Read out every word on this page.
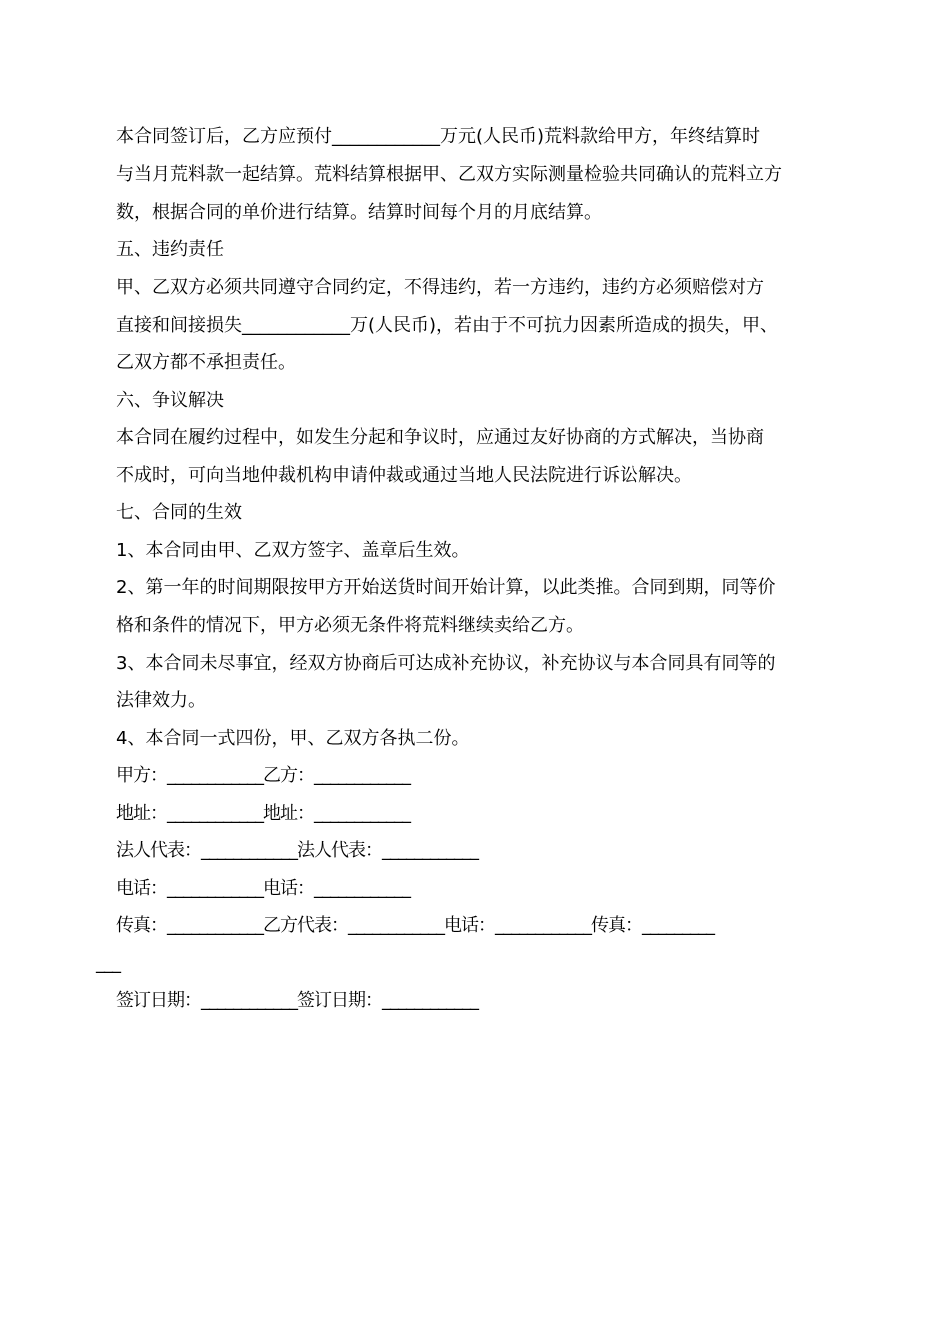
本合同签订后，乙方应预付____________万元(人民币)荒料款给甲方，年终结算时
与当月荒料款一起结算。荒料结算根据甲、乙双方实际测量检验共同确认的荒料立方
数，根据合同的单价进行结算。结算时间每个月的月底结算。
五、违约责任
甲、乙双方必须共同遵守合同约定，不得违约，若一方违约，违约方必须赔偿对方
直接和间接损失____________万(人民币)，若由于不可抗力因素所造成的损失，甲、
乙双方都不承担责任。
六、争议解决
本合同在履约过程中，如发生分起和争议时，应通过友好协商的方式解决，当协商
不成时，可向当地仲裁机构申请仲裁或通过当地人民法院进行诉讼解决。
七、合同的生效
1、本合同由甲、乙双方签字、盖章后生效。
2、第一年的时间期限按甲方开始送货时间开始计算，以此类推。合同到期，同等价
格和条件的情况下，甲方必须无条件将荒料继续卖给乙方。
3、本合同未尽事宜，经双方协商后可达成补充协议，补充协议与本合同具有同等的
法律效力。
4、本合同一式四份，甲、乙双方各执二份。
甲方：____________乙方：____________
地址：____________地址：____________
法人代表：____________法人代表：____________
电话：____________电话：____________
传真：____________乙方代表：____________电话：____________传真：_________
___
签订日期：____________签订日期：____________
